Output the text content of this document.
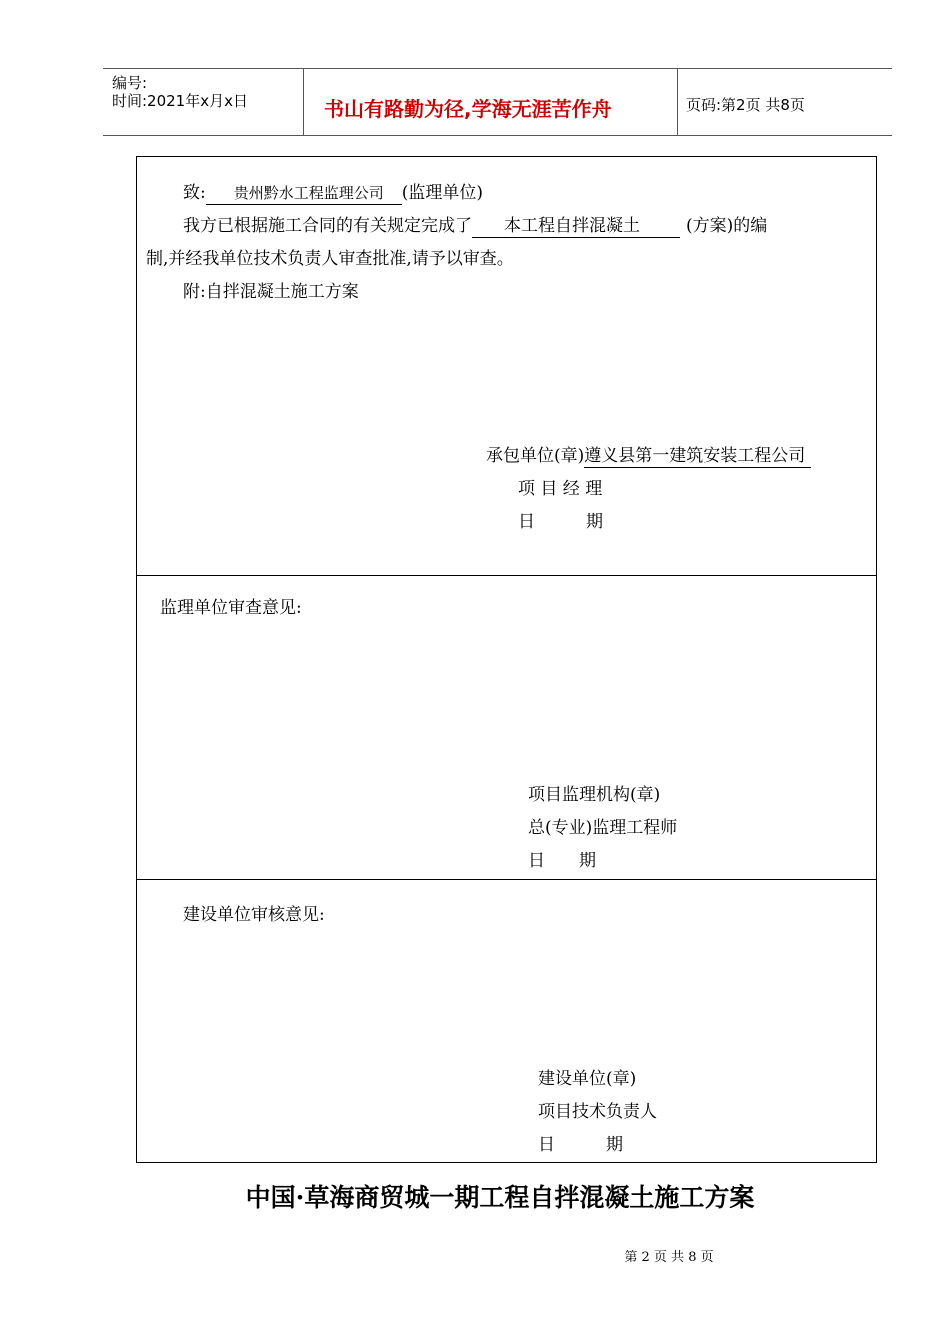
编号:
时间:2021年x月x日	书山有路勤为径,学海无涯苦作舟	页码:第2页 共8页
致: 贵州黔水工程监理公司 (监理单位)
我方已根据施工合同的有关规定完成了 本工程自拌混凝土	(方案)的编
制,并经我单位技术负责人审查批准,请予以审查。
附:自拌混凝土施工方案
承包单位(章)遵义县第一建筑安装工程公司
项 目 经 理
日　　　期
监理单位审查意见:
项目监理机构(章)
总(专业)监理工程师
日　　期
建设单位审核意见:
建设单位(章)
项目技术负责人
日　　　期
中国·草海商贸城一期工程自拌混凝土施工方案
第 2 页 共 8 页
